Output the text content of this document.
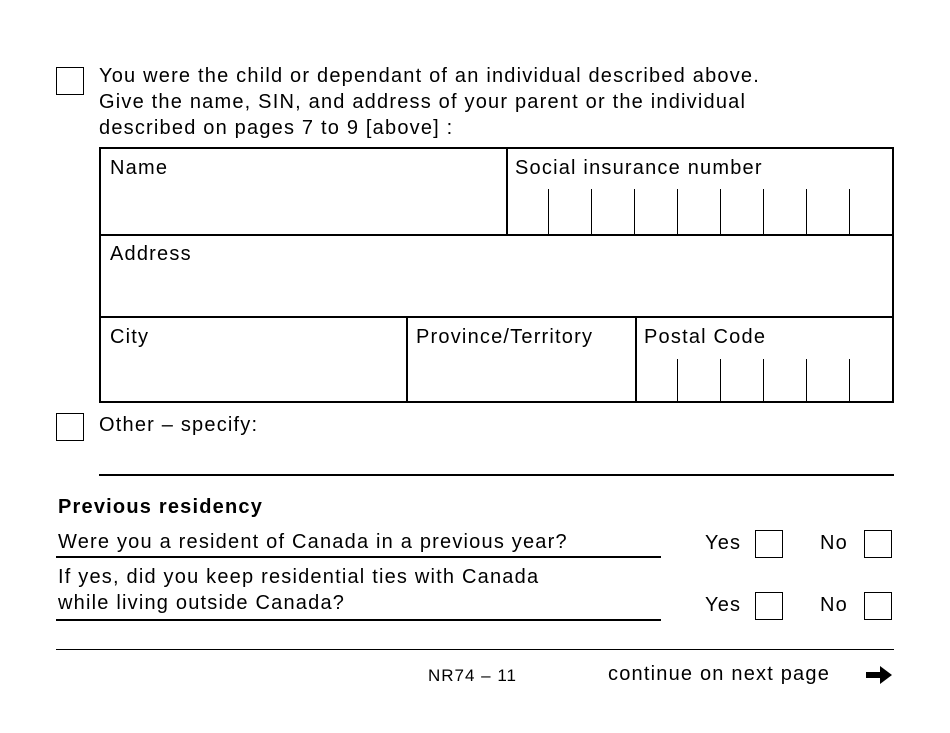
You were the child or dependant of an individual described above.
Give the name, SIN, and address of your parent or the individual
described on pages 7 to 9 [above] :
Name	Social insurance number
Address
City	Province/Territory	Postal Code
Other – specify:
Previous residency
Were you a resident of Canada in a previous year?	Yes	No
If yes, did you keep residential ties with Canada
while living outside Canada?	Yes	No
NR74 – 11	continue on next page
